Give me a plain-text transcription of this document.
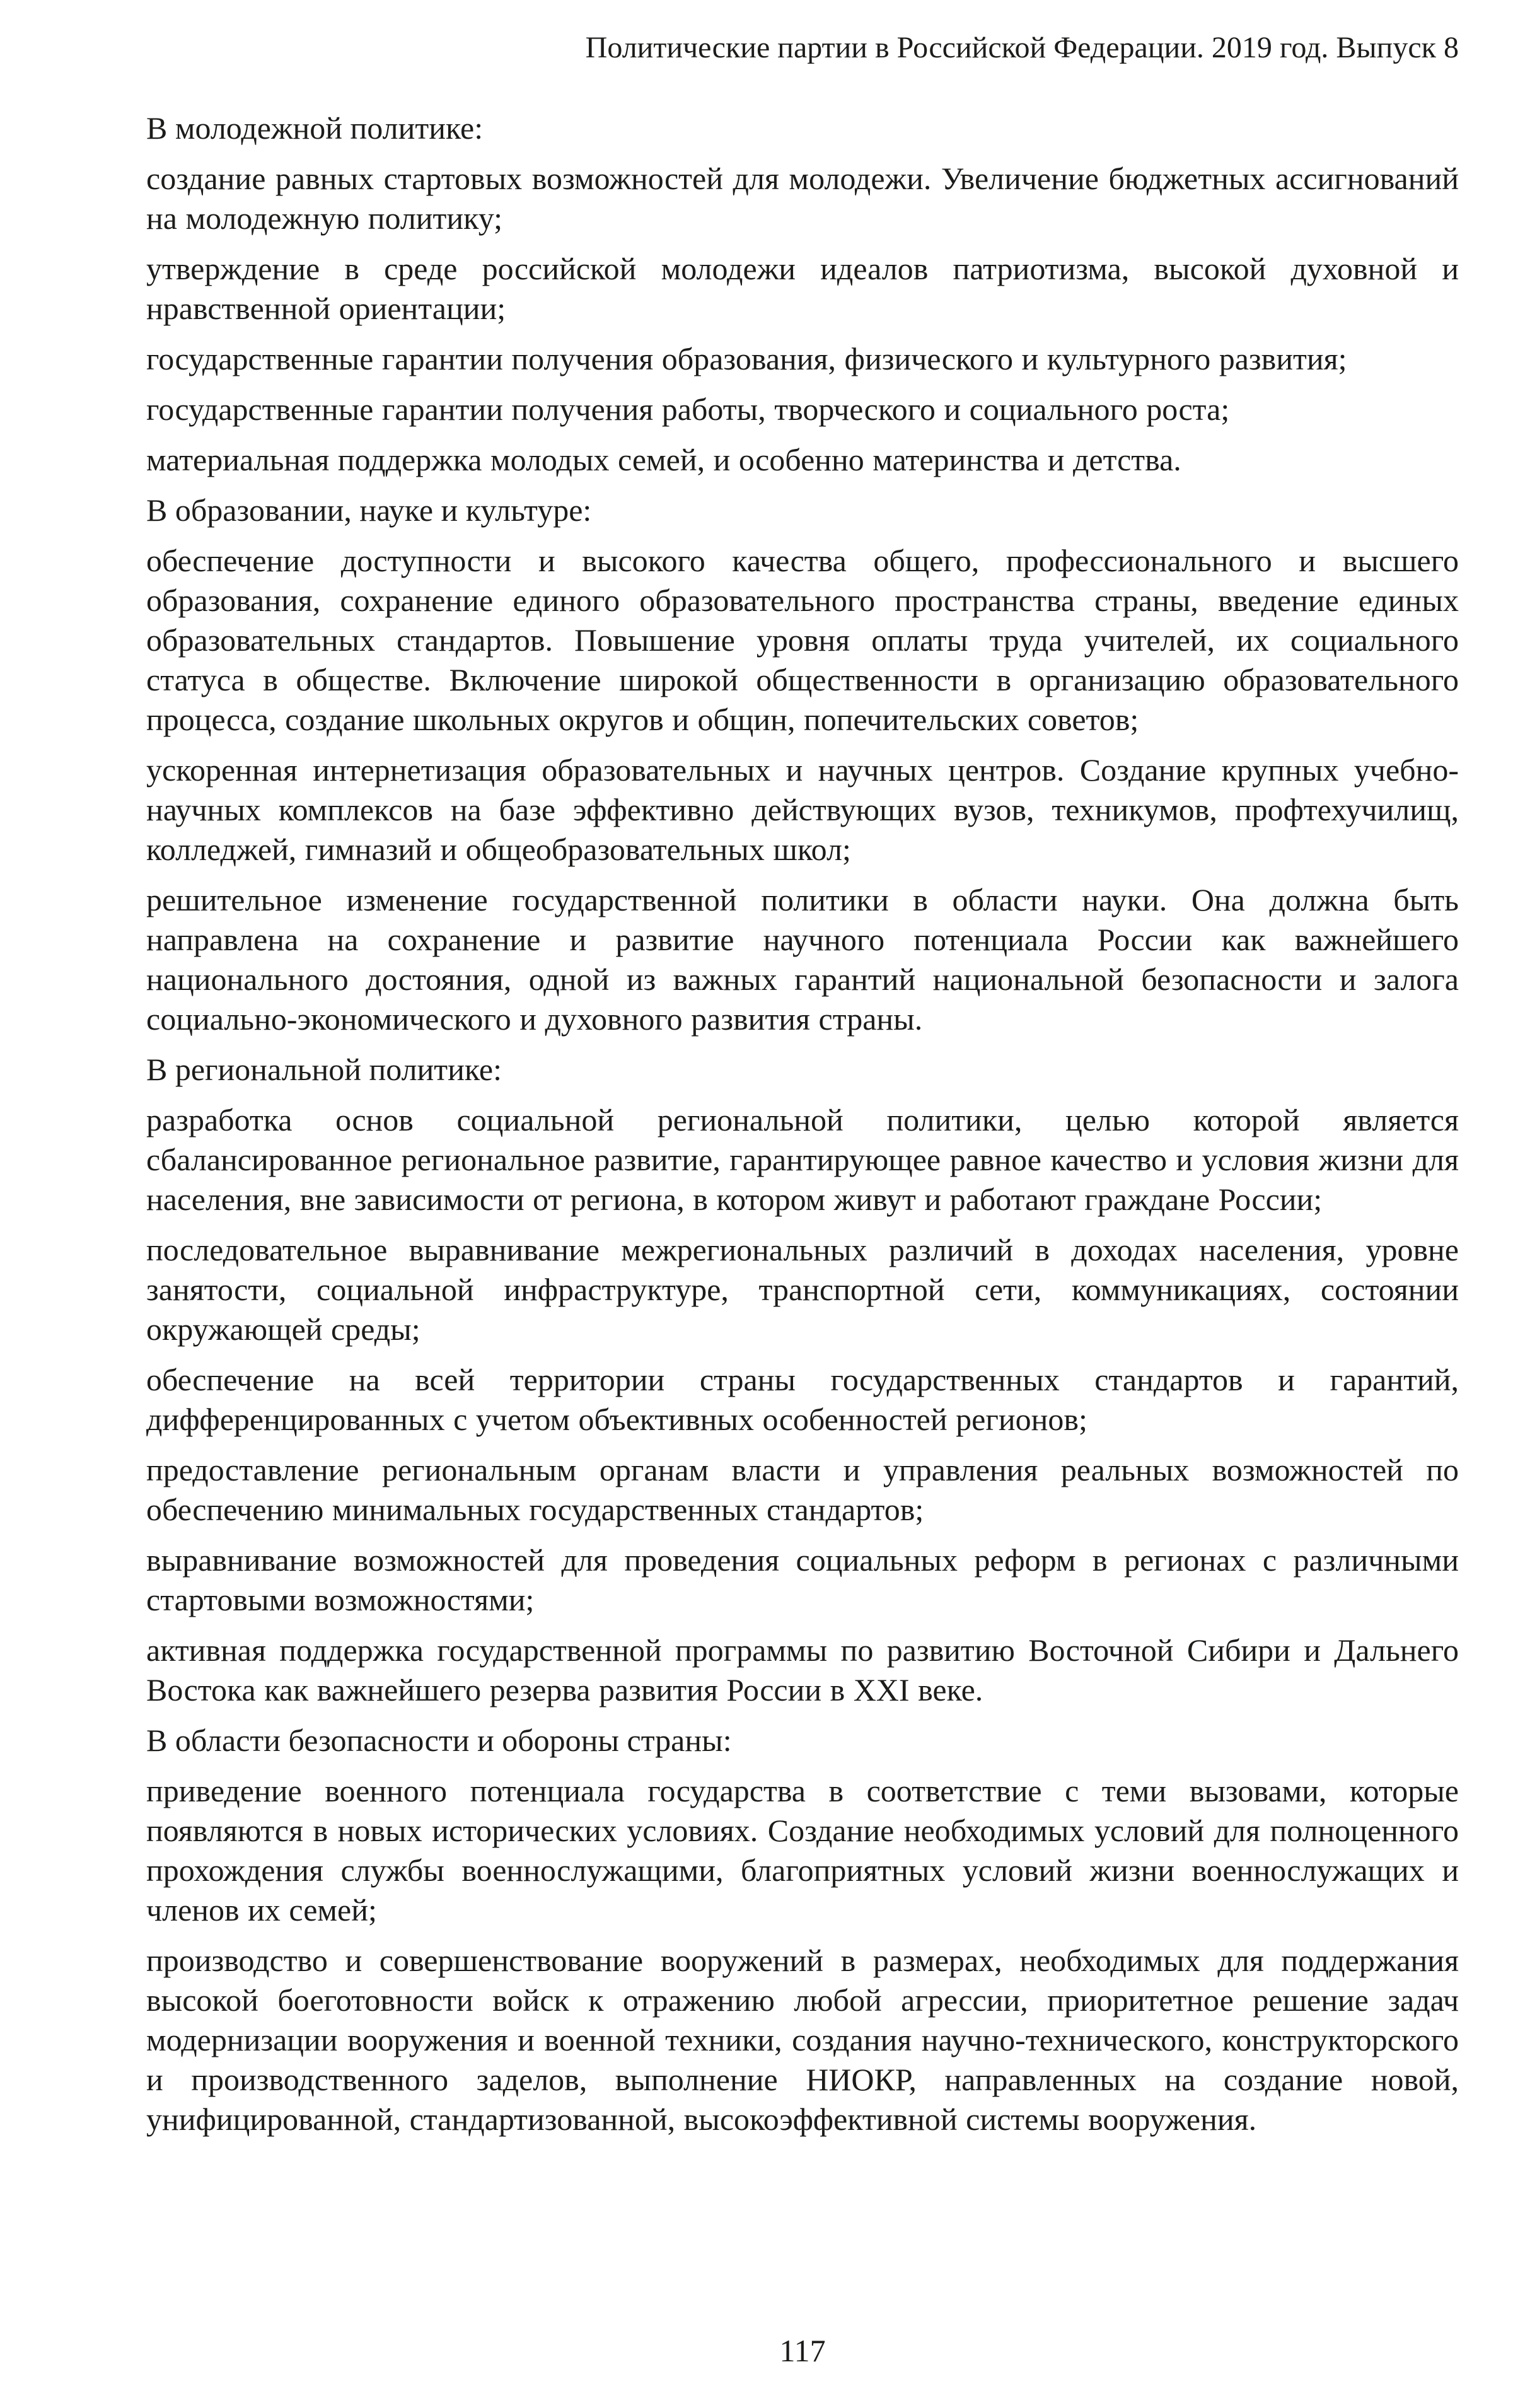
Политические партии в Российской Федерации. 2019 год. Выпуск 8

В молодежной политике:

создание равных стартовых возможностей для молодежи. Увеличение бюджетных ассигнований на молодежную политику;

утверждение в среде российской молодежи идеалов патриотизма, высокой духовной и нравственной ориентации;

государственные гарантии получения образования, физического и культурного развития;

государственные гарантии получения работы, творческого и социального роста;

материальная поддержка молодых семей, и особенно материнства и детства.

В образовании, науке и культуре:

обеспечение доступности и высокого качества общего, профессионального и высшего образования, сохранение единого образовательного пространства страны, введение единых образовательных стандартов. Повышение уровня оплаты труда учителей, их социального статуса в обществе. Включение широкой общественности в организацию образовательного процесса, создание школьных округов и общин, попечительских советов;

ускоренная интернетизация образовательных и научных центров. Создание крупных учебно-научных комплексов на базе эффективно действующих вузов, техникумов, профтехучилищ, колледжей, гимназий и общеобразовательных школ;

решительное изменение государственной политики в области науки. Она должна быть направлена на сохранение и развитие научного потенциала России как важнейшего национального достояния, одной из важных гарантий национальной безопасности и залога социально-экономического и духовного развития страны.

В региональной политике:

разработка основ социальной региональной политики, целью которой является сбалансированное региональное развитие, гарантирующее равное качество и условия жизни для населения, вне зависимости от региона, в котором живут и работают граждане России;

последовательное выравнивание межрегиональных различий в доходах населения, уровне занятости, социальной инфраструктуре, транспортной сети, коммуникациях, состоянии окружающей среды;

обеспечение на всей территории страны государственных стандартов и гарантий, дифференцированных с учетом объективных особенностей регионов;

предоставление региональным органам власти и управления реальных возможностей по обеспечению минимальных государственных стандартов;

выравнивание возможностей для проведения социальных реформ в регионах с различными стартовыми возможностями;

активная поддержка государственной программы по развитию Восточной Сибири и Дальнего Востока как важнейшего резерва развития России в XXI веке.

В области безопасности и обороны страны:

приведение военного потенциала государства в соответствие с теми вызовами, которые появляются в новых исторических условиях. Создание необходимых условий для полноценного прохождения службы военнослужащими, благоприятных условий жизни военнослужащих и членов их семей;

производство и совершенствование вооружений в размерах, необходимых для поддержания высокой боеготовности войск к отражению любой агрессии, приоритетное решение задач модернизации вооружения и военной техники, создания научно-технического, конструкторского и производственного заделов, выполнение НИОКР, направленных на создание новой, унифицированной, стандартизованной, высокоэффективной системы вооружения.

117
